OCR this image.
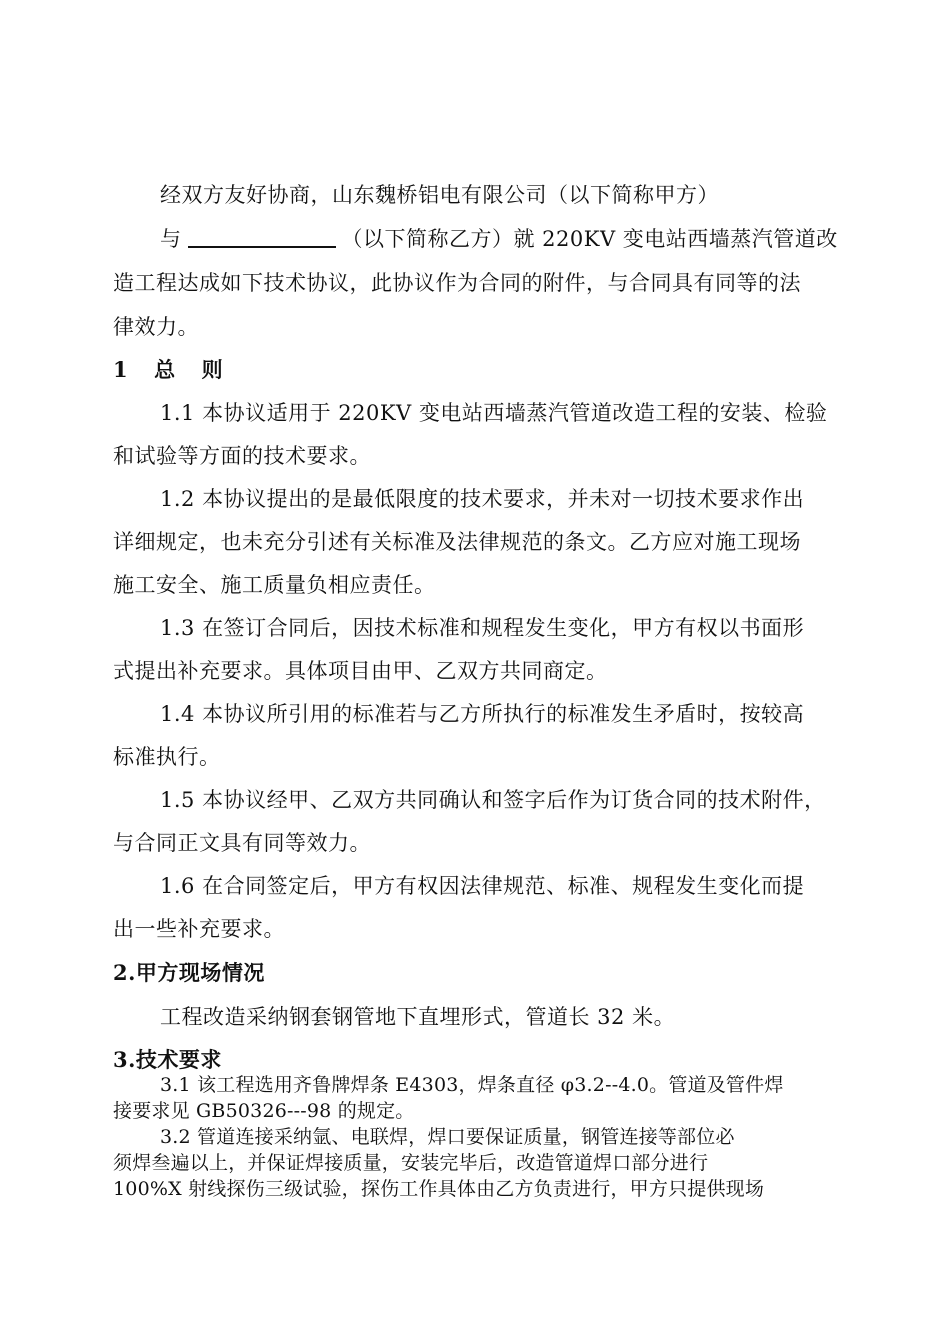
经双方友好协商，山东魏桥铝电有限公司（以下简称甲方）
与	（以下简称乙方）就 220KV 变电站西墙蒸汽管道改
造工程达成如下技术协议，此协议作为合同的附件，与合同具有同等的法
律效力。
1 总 则
1.1 本协议适用于 220KV 变电站西墙蒸汽管道改造工程的安装、检验
和试验等方面的技术要求。
1.2 本协议提出的是最低限度的技术要求，并未对一切技术要求作出
详细规定，也未充分引述有关标准及法律规范的条文。乙方应对施工现场
施工安全、施工质量负相应责任。
1.3 在签订合同后，因技术标准和规程发生变化，甲方有权以书面形
式提出补充要求。具体项目由甲、乙双方共同商定。
1.4 本协议所引用的标准若与乙方所执行的标准发生矛盾时，按较高
标准执行。
1.5 本协议经甲、乙双方共同确认和签字后作为订货合同的技术附件，
与合同正文具有同等效力。
1.6 在合同签定后，甲方有权因法律规范、标准、规程发生变化而提
出一些补充要求。
2.甲方现场情况
工程改造采纳钢套钢管地下直埋形式，管道长 32 米。
3.技术要求
3.1 该工程选用齐鲁牌焊条 E4303，焊条直径 φ3.2--4.0。管道及管件焊
接要求见 GB50326---98 的规定。
3.2 管道连接采纳氩、电联焊，焊口要保证质量，钢管连接等部位必
须焊叁遍以上，并保证焊接质量，安装完毕后，改造管道焊口部分进行
100%X 射线探伤三级试验，探伤工作具体由乙方负责进行，甲方只提供现场
